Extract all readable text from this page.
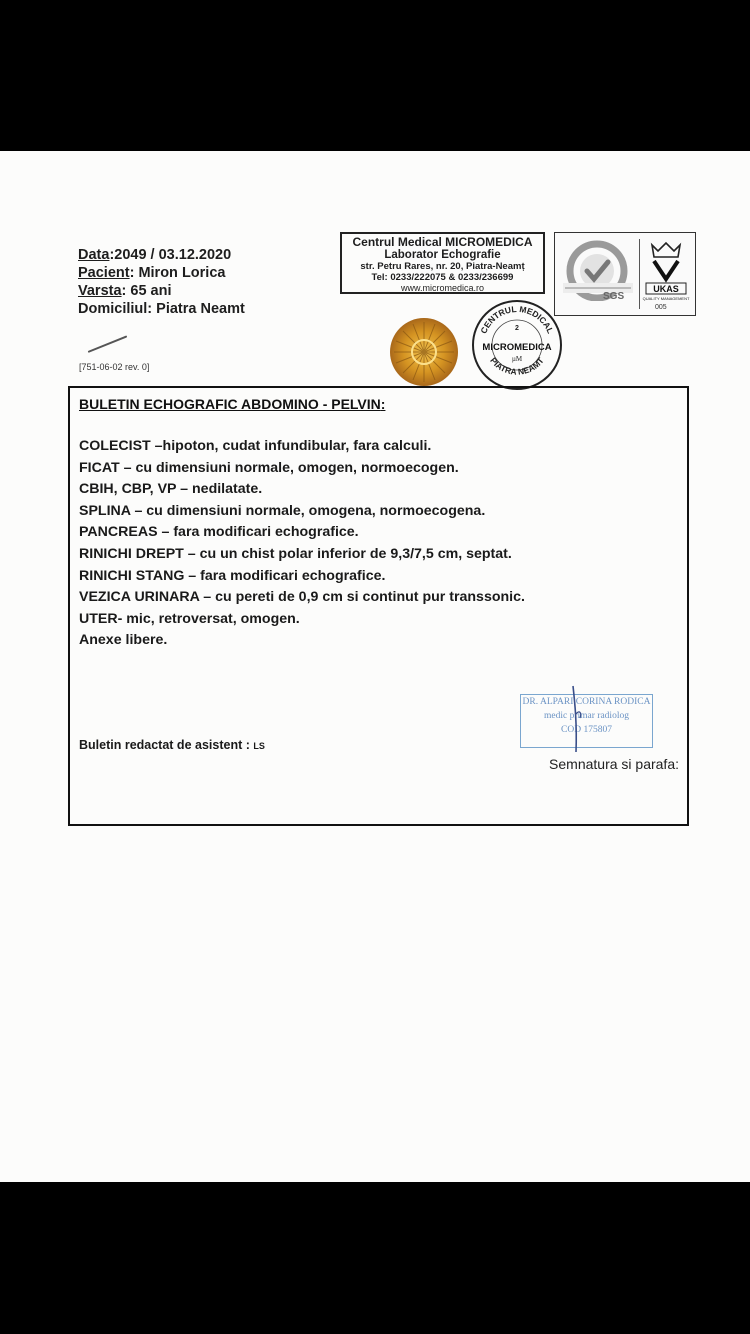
Data:2049 / 03.12.2020
Pacient: Miron Lorica
Varsta: 65 ani
Domiciliul: Piatra Neamt
[751-06-02 rev. 0]
Centrul Medical MICROMEDICA
Laborator Echografie
str. Petru Rares, nr. 20, Piatra-Neamț
Tel: 0233/222075 & 0233/236699
www.micromedica.ro
SGS
UKAS
QUALITY MANAGEMENT
005
CENTRUL MEDICAL
PIATRA NEAMT
2
MICROMEDICA
µM
BULETIN ECHOGRAFIC ABDOMINO - PELVIN:
COLECIST –hipoton, cudat infundibular, fara calculi.
FICAT – cu dimensiuni normale, omogen, normoecogen.
CBIH, CBP, VP – nedilatate.
SPLINA – cu dimensiuni normale, omogena, normoecogena.
PANCREAS – fara modificari echografice.
RINICHI DREPT – cu un chist polar inferior de 9,3/7,5 cm, septat.
RINICHI STANG – fara modificari echografice.
VEZICA URINARA – cu pereti de 0,9 cm si continut pur transsonic.
UTER- mic, retroversat, omogen.
Anexe libere.
Buletin redactat de asistent : LS
DR. ALPARI CORINA RODICA
medic primar radiolog
COD 175807
Semnatura si parafa:
